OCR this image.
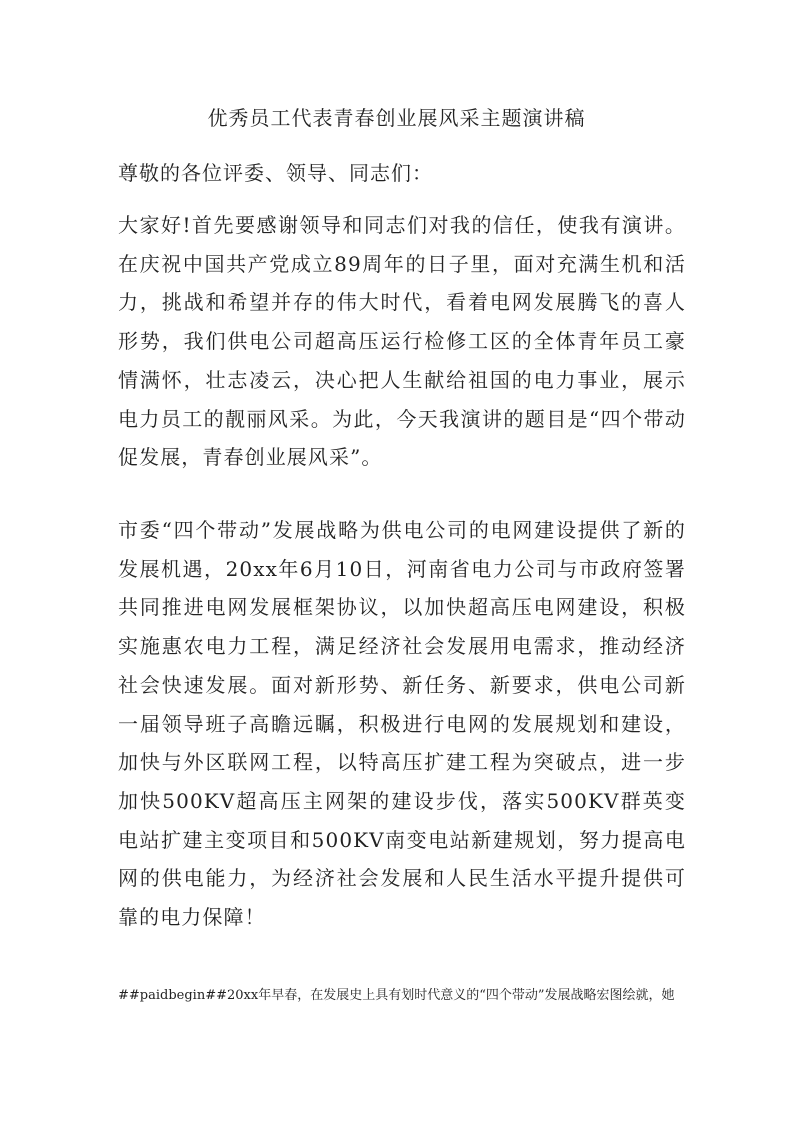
优秀员工代表青春创业展风采主题演讲稿
尊敬的各位评委、领导、同志们：

大家好!首先要感谢领导和同志们对我的信任，使我有演讲。在庆祝中国共产党成立89周年的日子里，面对充满生机和活力，挑战和希望并存的伟大时代，看着电网发展腾飞的喜人形势，我们供电公司超高压运行检修工区的全体青年员工豪情满怀，壮志凌云，决心把人生献给祖国的电力事业，展示电力员工的靓丽风采。为此，今天我演讲的题目是“四个带动促发展，青春创业展风采”。

市委“四个带动”发展战略为供电公司的电网建设提供了新的发展机遇，20xx年6月10日，河南省电力公司与市政府签署共同推进电网发展框架协议，以加快超高压电网建设，积极实施惠农电力工程，满足经济社会发展用电需求，推动经济社会快速发展。面对新形势、新任务、新要求，供电公司新一届领导班子高瞻远瞩，积极进行电网的发展规划和建设，加快与外区联网工程，以特高压扩建工程为突破点，进一步加快500KV超高压主网架的建设步伐，落实500KV群英变电站扩建主变项目和500KV南变电站新建规划，努力提高电网的供电能力，为经济社会发展和人民生活水平提升提供可靠的电力保障！

##paidbegin##20xx年早春，在发展史上具有划时代意义的“四个带动”发展战略宏图绘就，她
